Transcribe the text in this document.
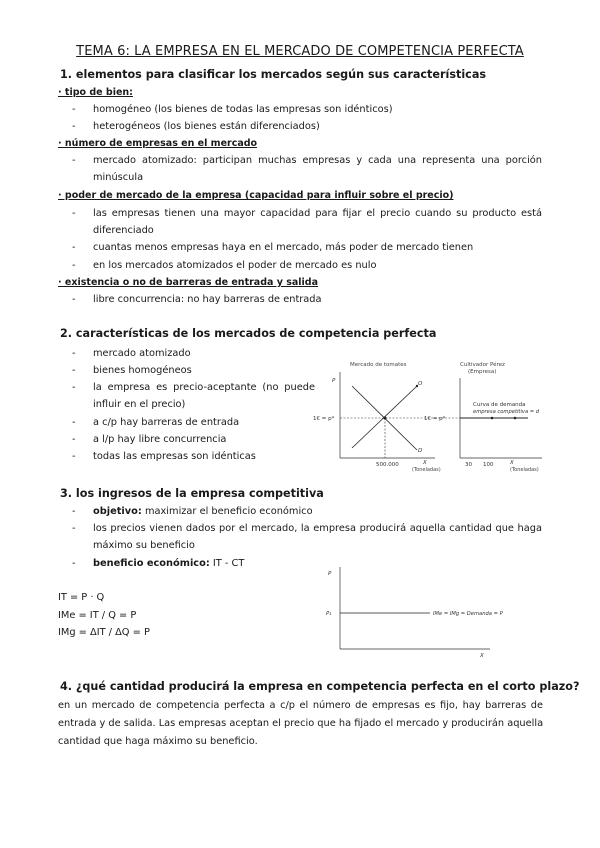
TEMA 6: LA EMPRESA EN EL MERCADO DE COMPETENCIA PERFECTA
1. elementos para clasificar los mercados según sus características
· tipo de bien:
- homogéneo (los bienes de todas las empresas son idénticos)
- heterogéneos (los bienes están diferenciados)
· número de empresas en el mercado
- mercado atomizado: participan muchas empresas y cada una representa una porción
minúscula
· poder de mercado de la empresa (capacidad para influir sobre el precio)
- las empresas tienen una mayor capacidad para fijar el precio cuando su producto está
diferenciado
- cuantas menos empresas haya en el mercado, más poder de mercado tienen
- en los mercados atomizados el poder de mercado es nulo
· existencia o no de barreras de entrada y salida
- libre concurrencia: no hay barreras de entrada
2. características de los mercados de competencia perfecta
- mercado atomizado
- bienes homogéneos
- la empresa es precio-aceptante (no puede
influir en el precio)
- a c/p hay barreras de entrada
- a l/p hay libre concurrencia
- todas las empresas son idénticas
Mercado de tomates	Cultivador Pérez
(Empresa)
P	O
D
1€ = p*
500.000	X
(Toneladas)
1€ = p*
Curva de demanda
empresa competitiva = d
30 100	X
(Toneladas)
3. los ingresos de la empresa competitiva
- objetivo: maximizar el beneficio económico
- los precios vienen dados por el mercado, la empresa producirá aquella cantidad que haga
máximo su beneficio
- beneficio económico: IT - CT
IT = P · Q
IMe = IT / Q = P
IMg = ΔIT / ΔQ = P
P
P₁	IMe = IMg = Demanda = P
X
4. ¿qué cantidad producirá la empresa en competencia perfecta en el corto plazo?
en un mercado de competencia perfecta a c/p el número de empresas es fijo, hay barreras de
entrada y de salida. Las empresas aceptan el precio que ha fijado el mercado y producirán aquella
cantidad que haga máximo su beneficio.
